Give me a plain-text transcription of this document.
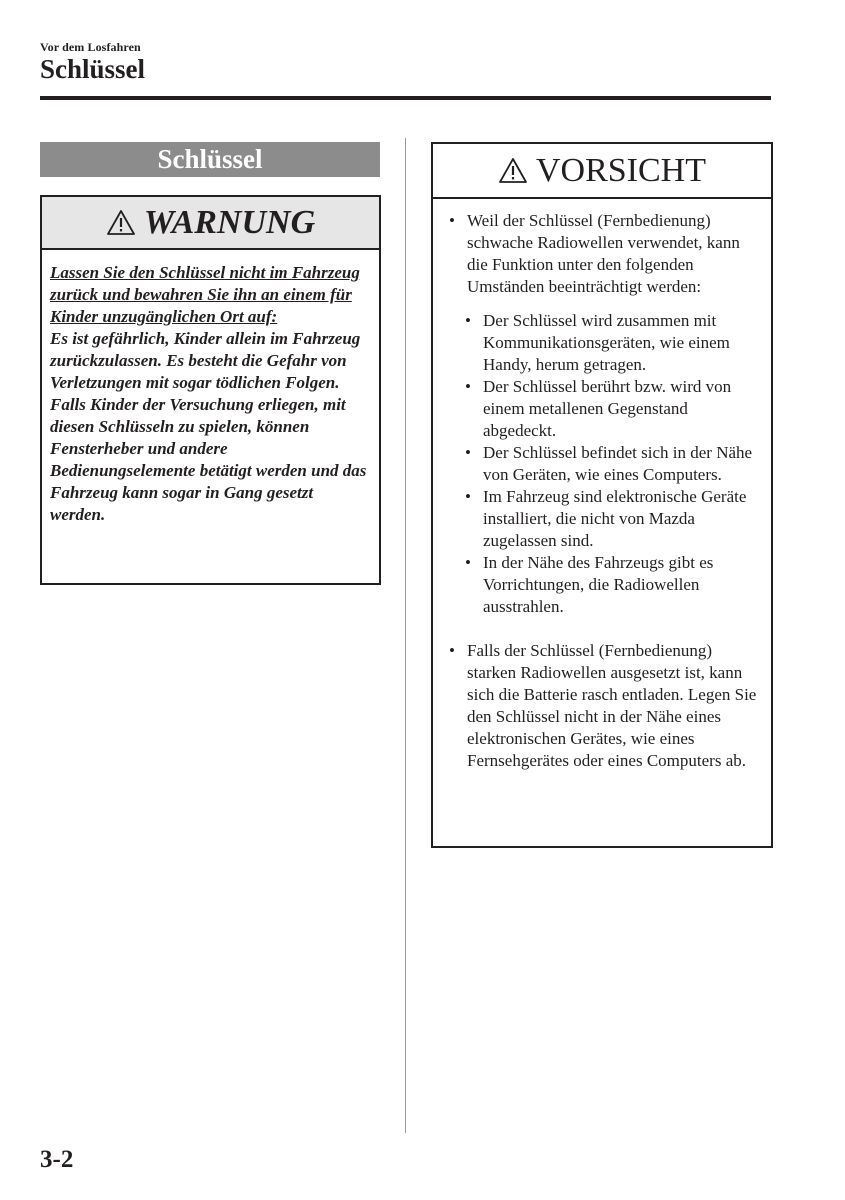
Vor dem Losfahren
Schlüssel
Schlüssel
WARNUNG
Lassen Sie den Schlüssel nicht im Fahrzeug zurück und bewahren Sie ihn an einem für Kinder unzugänglichen Ort auf:
Es ist gefährlich, Kinder allein im Fahrzeug zurückzulassen. Es besteht die Gefahr von Verletzungen mit sogar tödlichen Folgen. Falls Kinder der Versuchung erliegen, mit diesen Schlüsseln zu spielen, können Fensterheber und andere Bedienungselemente betätigt werden und das Fahrzeug kann sogar in Gang gesetzt werden.
VORSICHT
• Weil der Schlüssel (Fernbedienung) schwache Radiowellen verwendet, kann die Funktion unter den folgenden Umständen beeinträchtigt werden:
• Der Schlüssel wird zusammen mit Kommunikationsgeräten, wie einem Handy, herum getragen.
• Der Schlüssel berührt bzw. wird von einem metallenen Gegenstand abgedeckt.
• Der Schlüssel befindet sich in der Nähe von Geräten, wie eines Computers.
• Im Fahrzeug sind elektronische Geräte installiert, die nicht von Mazda zugelassen sind.
• In der Nähe des Fahrzeugs gibt es Vorrichtungen, die Radiowellen ausstrahlen.
• Falls der Schlüssel (Fernbedienung) starken Radiowellen ausgesetzt ist, kann sich die Batterie rasch entladen. Legen Sie den Schlüssel nicht in der Nähe eines elektronischen Gerätes, wie eines Fernsehgerätes oder eines Computers ab.
3-2
